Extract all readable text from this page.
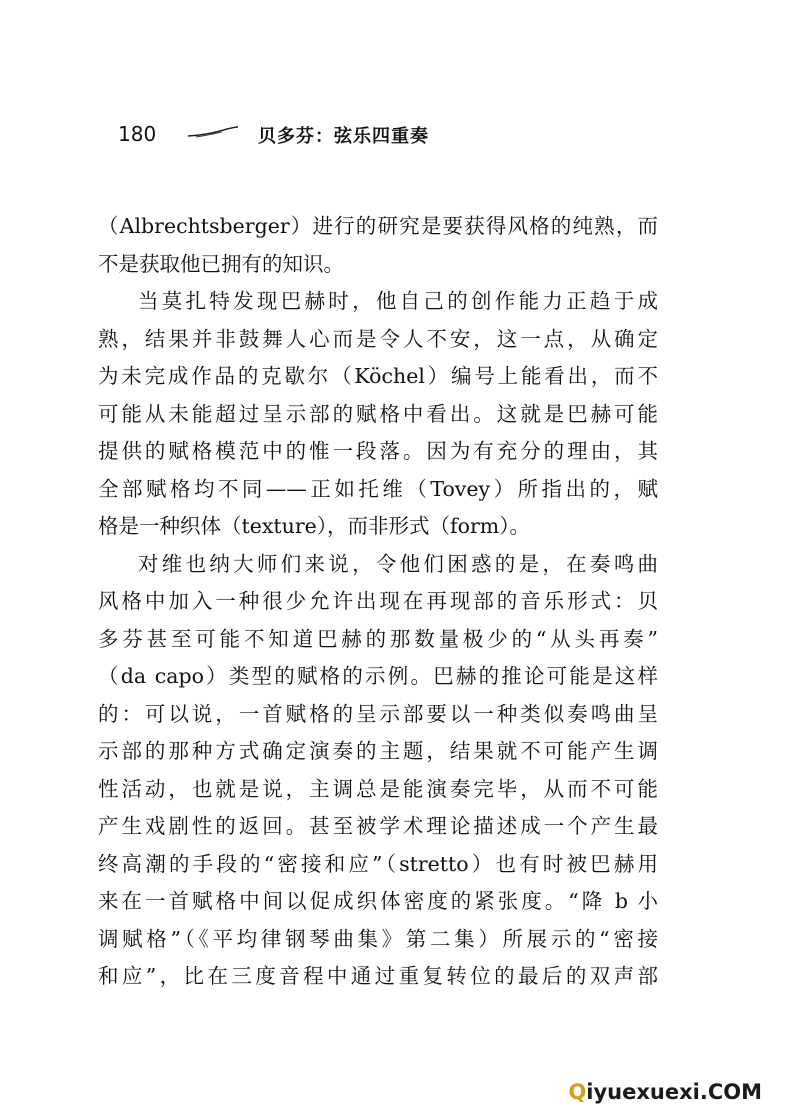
180	贝多芬：弦乐四重奏
（Albrechtsberger）进行的研究是要获得风格的纯熟，而
不是获取他已拥有的知识。
当莫扎特发现巴赫时，他自己的创作能力正趋于成
熟，结果并非鼓舞人心而是令人不安，这一点，从确定
为未完成作品的克歇尔（Köchel）编号上能看出，而不
可能从未能超过呈示部的赋格中看出。这就是巴赫可能
提供的赋格模范中的惟一段落。因为有充分的理由，其
全部赋格均不同——正如托维（Tovey）所指出的，赋
格是一种织体（texture），而非形式（form）。
对维也纳大师们来说，令他们困惑的是，在奏鸣曲
风格中加入一种很少允许出现在再现部的音乐形式：贝
多芬甚至可能不知道巴赫的那数量极少的“从头再奏”
（da capo）类型的赋格的示例。巴赫的推论可能是这样
的：可以说，一首赋格的呈示部要以一种类似奏鸣曲呈
示部的那种方式确定演奏的主题，结果就不可能产生调
性活动，也就是说，主调总是能演奏完毕，从而不可能
产生戏剧性的返回。甚至被学术理论描述成一个产生最
终高潮的手段的“密接和应”（stretto）也有时被巴赫用
来在一首赋格中间以促成织体密度的紧张度。“降 b 小
调赋格”（《平均律钢琴曲集》第二集）所展示的“密接
和应”，比在三度音程中通过重复转位的最后的双声部
Qiyuexuexi.COM
